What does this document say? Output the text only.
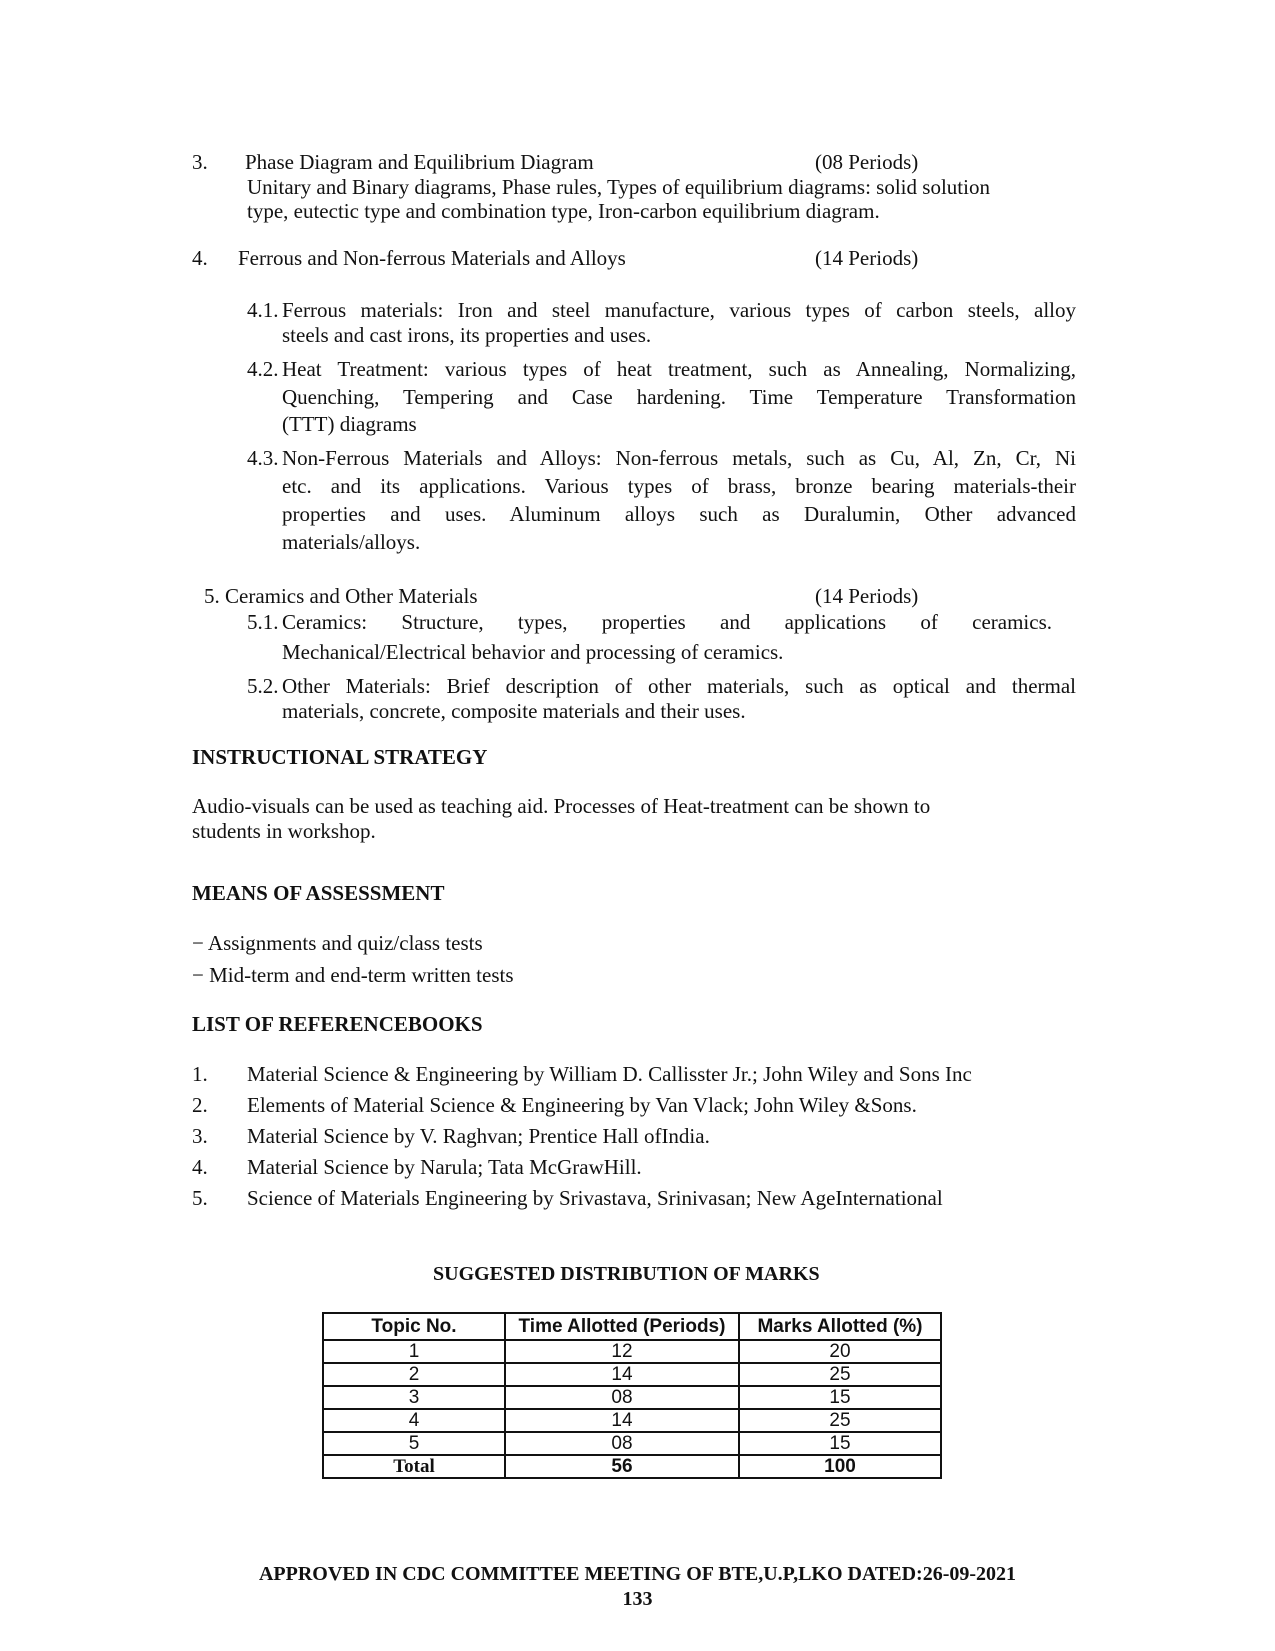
3. Phase Diagram and Equilibrium Diagram	(08 Periods)
Unitary and Binary diagrams, Phase rules, Types of equilibrium diagrams: solid solution
type, eutectic type and combination type, Iron-carbon equilibrium diagram.
4. Ferrous and Non-ferrous Materials and Alloys	(14 Periods)
4.1. Ferrous materials: Iron and steel manufacture, various types of carbon steels, alloy
steels and cast irons, its properties and uses.
4.2. Heat Treatment: various types of heat treatment, such as Annealing, Normalizing,
Quenching, Tempering and Case hardening. Time Temperature Transformation
(TTT) diagrams
4.3. Non-Ferrous Materials and Alloys: Non-ferrous metals, such as Cu, Al, Zn, Cr, Ni
etc. and its applications. Various types of brass, bronze bearing materials-their
properties and uses. Aluminum alloys such as Duralumin, Other advanced
materials/alloys.
5. Ceramics and Other Materials	(14 Periods)
5.1. Ceramics: Structure, types, properties and applications of ceramics.
Mechanical/Electrical behavior and processing of ceramics.
5.2. Other Materials: Brief description of other materials, such as optical and thermal
materials, concrete, composite materials and their uses.
INSTRUCTIONAL STRATEGY
Audio-visuals can be used as teaching aid. Processes of Heat-treatment can be shown to
students in workshop.
MEANS OF ASSESSMENT
− Assignments and quiz/class tests
− Mid-term and end-term written tests
LIST OF REFERENCEBOOKS
1. Material Science & Engineering by William D. Callisster Jr.; John Wiley and Sons Inc
2. Elements of Material Science & Engineering by Van Vlack; John Wiley &Sons.
3. Material Science by V. Raghvan; Prentice Hall ofIndia.
4. Material Science by Narula; Tata McGrawHill.
5. Science of Materials Engineering by Srivastava, Srinivasan; New AgeInternational
SUGGESTED DISTRIBUTION OF MARKS
Topic No.	Time Allotted (Periods)	Marks Allotted (%)
1	12	20
2	14	25
3	08	15
4	14	25
5	08	15
Total	56	100
APPROVED IN CDC COMMITTEE MEETING OF BTE,U.P,LKO DATED:26-09-2021
133
